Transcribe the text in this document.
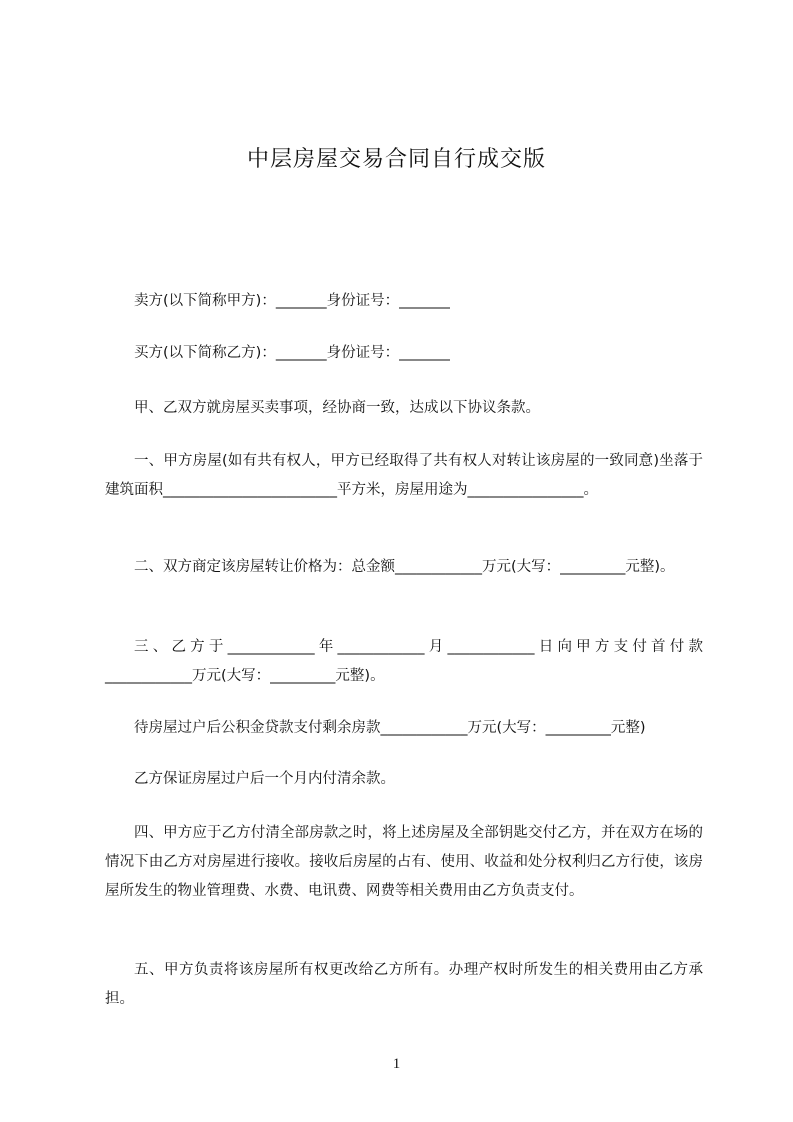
中层房屋交易合同自行成交版

卖方(以下简称甲方)：_______身份证号：_______

买方(以下简称乙方)：_______身份证号：_______

甲、乙双方就房屋买卖事项，经协商一致，达成以下协议条款。

一、甲方房屋(如有共有权人，甲方已经取得了共有权人对转让该房屋的一致同意)坐落于建筑面积________________________平方米，房屋用途为________________。

二、双方商定该房屋转让价格为：总金额____________万元(大写：_________元整)。

三、乙方于____________年____________月____________日向甲方支付首付款____________万元(大写：_________元整)。

待房屋过户后公积金贷款支付剩余房款____________万元(大写：_________元整)

乙方保证房屋过户后一个月内付清余款。

四、甲方应于乙方付清全部房款之时，将上述房屋及全部钥匙交付乙方，并在双方在场的情况下由乙方对房屋进行接收。接收后房屋的占有、使用、收益和处分权利归乙方行使，该房屋所发生的物业管理费、水费、电讯费、网费等相关费用由乙方负责支付。

五、甲方负责将该房屋所有权更改给乙方所有。办理产权时所发生的相关费用由乙方承担。

1
